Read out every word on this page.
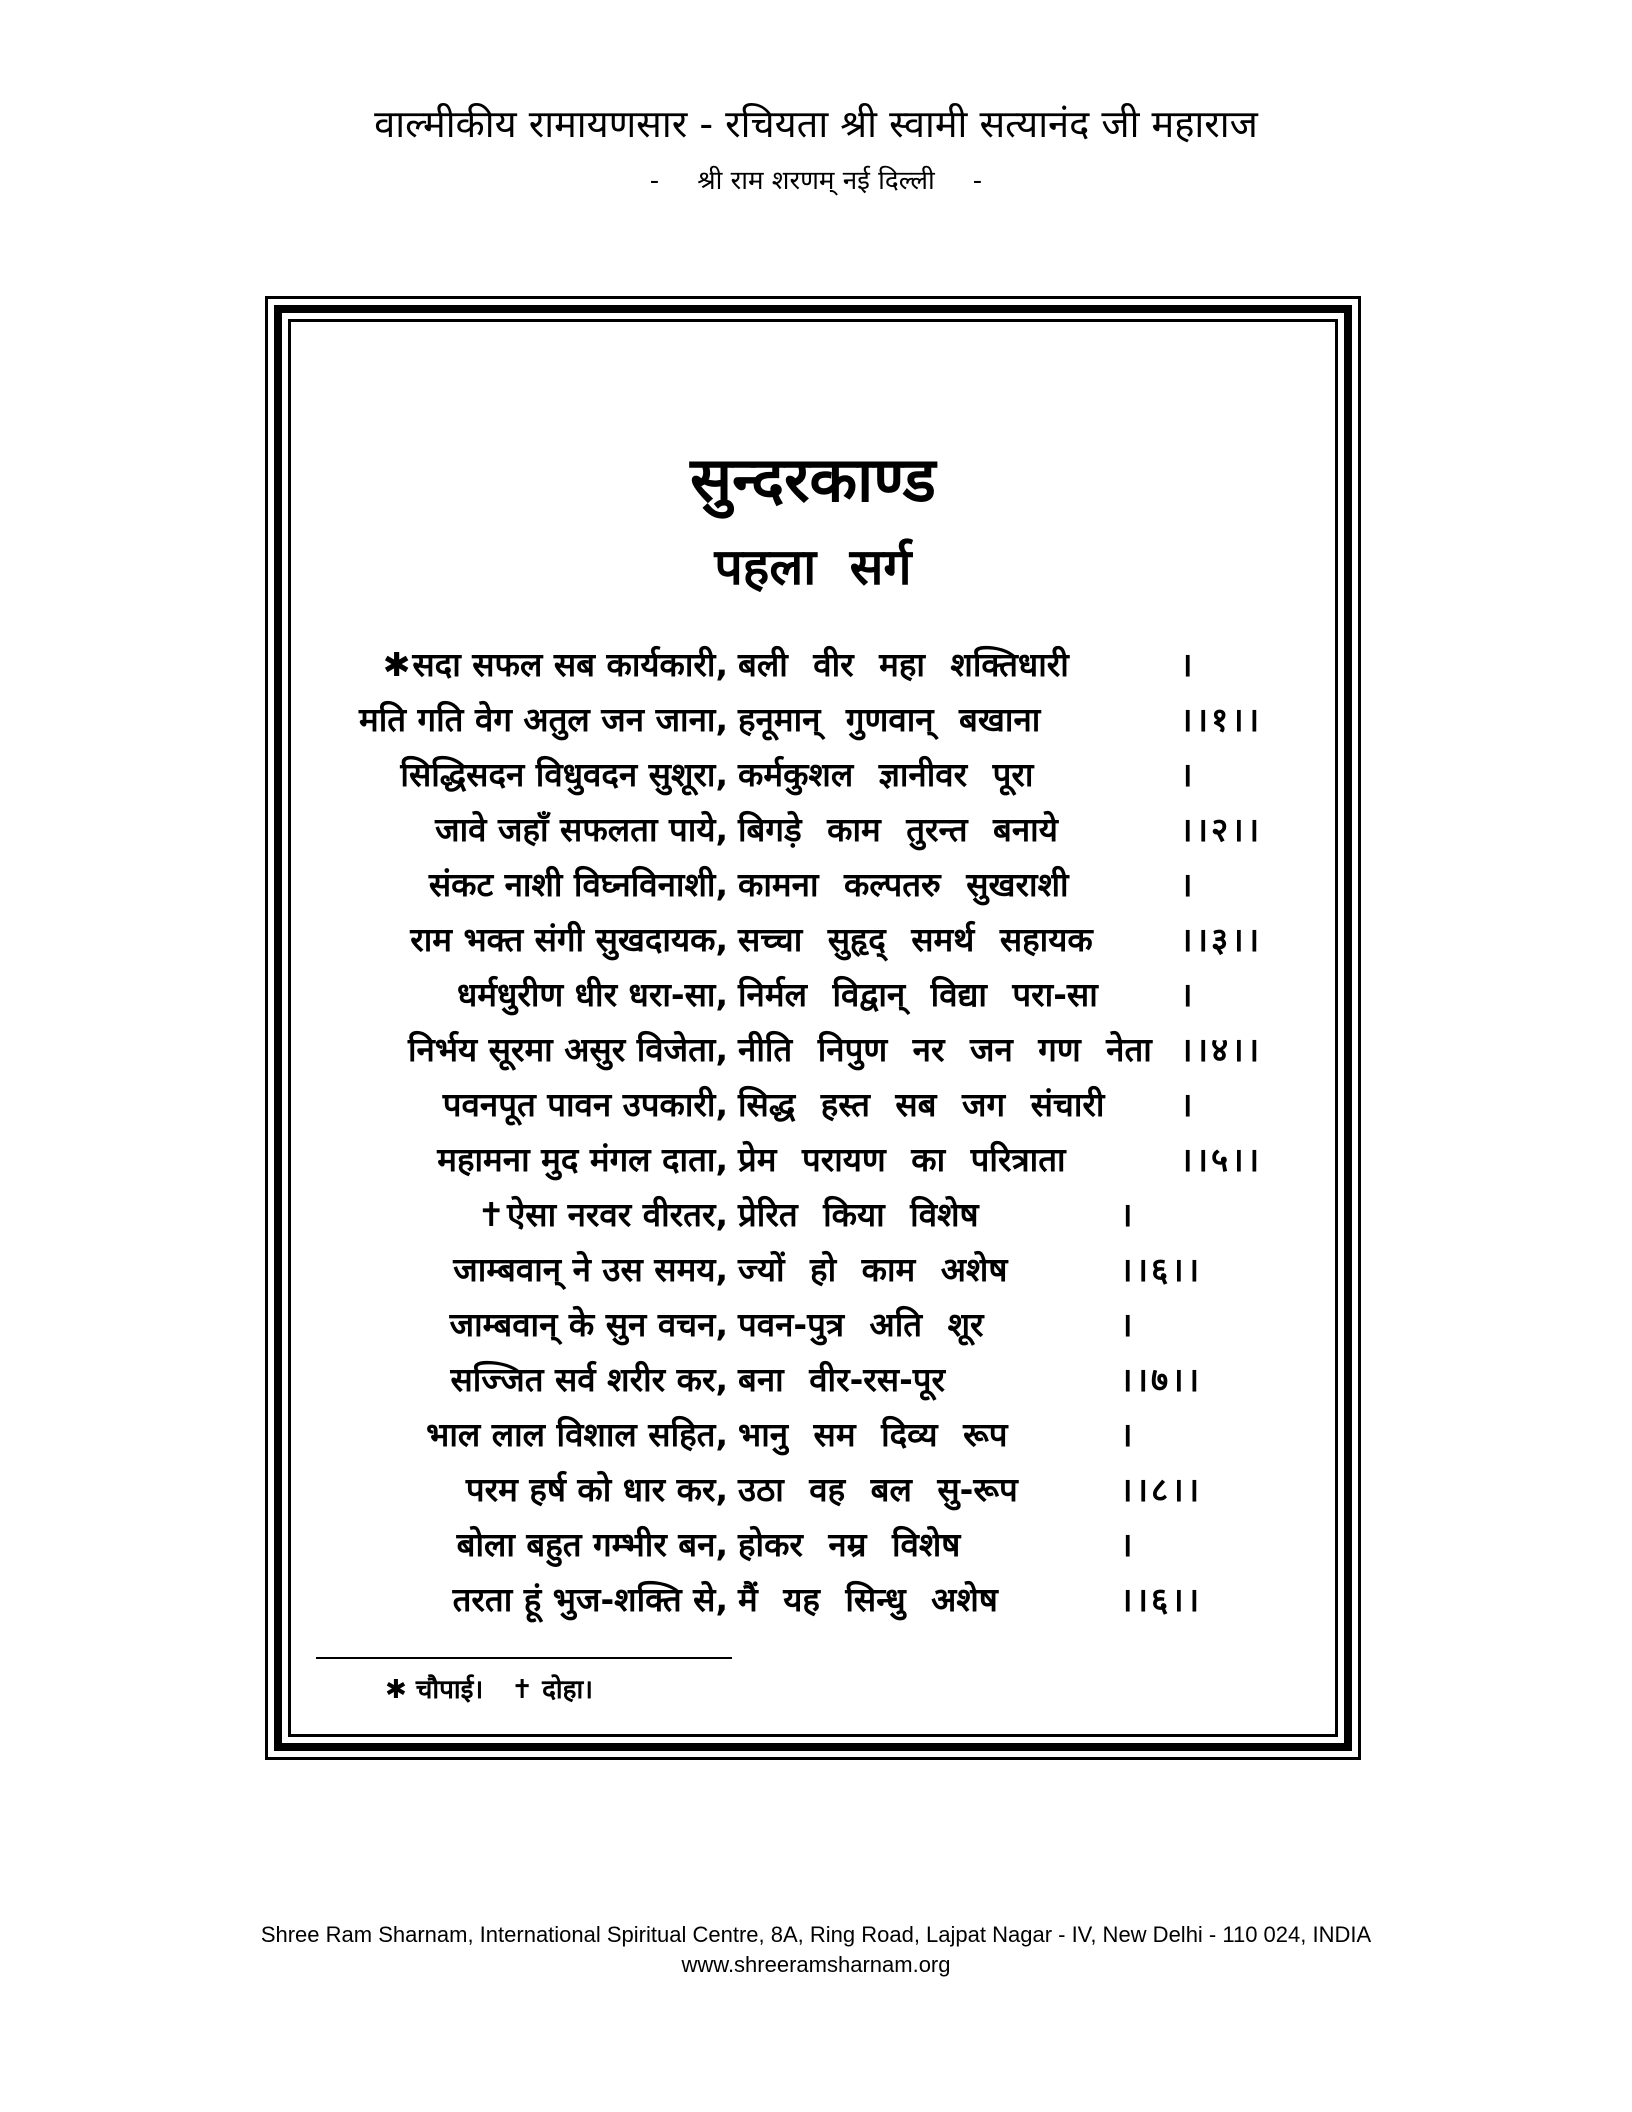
वाल्मीकीय रामायणसार - रचियता श्री स्वामी सत्यानंद जी महाराज
- श्री राम शरणम् नई दिल्ली -
सुन्दरकाण्ड
पहला सर्ग
✱सदा सफल सब कार्यकारी, बली वीर महा शक्तिधारी	।
मति गति वेग अतुल जन जाना, हनूमान् गुणवान् बखाना	।।१।।
सिद्धिसदन विधुवदन सुशूरा, कर्मकुशल ज्ञानीवर पूरा	।
जावे जहाँ सफलता पाये, बिगड़े काम तुरन्त बनाये	।।२।।
संकट नाशी विघ्नविनाशी, कामना कल्पतरु सुखराशी	।
राम भक्त संगी सुखदायक, सच्चा सुहृद् समर्थ सहायक	।।३।।
धर्मधुरीण धीर धरा-सा, निर्मल विद्वान् विद्या परा-सा ।
निर्भय सूरमा असुर विजेता, नीति निपुण नर जन गण नेता ।।४।।
पवनपूत पावन उपकारी, सिद्ध हस्त सब जग संचारी ।
महामना मुद मंगल दाता, प्रेम परायण का परित्राता	।।५।।
✝ऐसा नरवर वीरतर, प्रेरित किया विशेष	।
जाम्बवान् ने उस समय, ज्यों हो काम अशेष	।।६।।
जाम्बवान् के सुन वचन, पवन-पुत्र अति शूर	।
सज्जित सर्व शरीर कर, बना वीर-रस-पूर	।।७।।
भाल लाल विशाल सहित, भानु सम दिव्य रूप	।
परम हर्ष को धार कर, उठा वह बल सु-रूप	।।८।।
बोला बहुत गम्भीर बन, होकर नम्र विशेष	।
तरता हूं भुज-शक्ति से, मैं यह सिन्धु अशेष	।।६।।
✱ चौपाई। ✝ दोहा।
Shree Ram Sharnam, International Spiritual Centre, 8A, Ring Road, Lajpat Nagar - IV, New Delhi - 110 024, INDIA
www.shreeramsharnam.org
